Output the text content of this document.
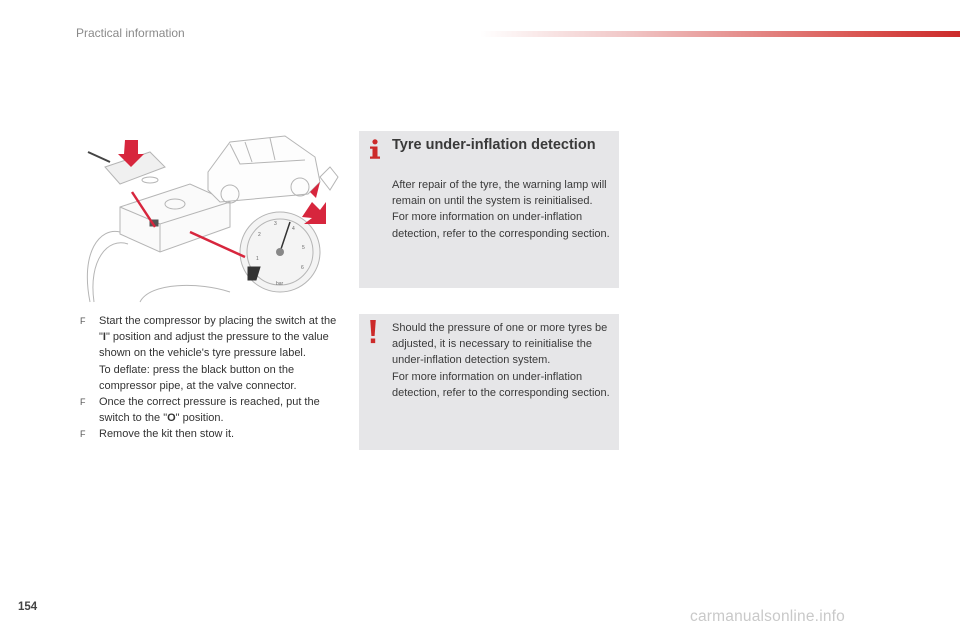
Practical information
1
2
3
4
5
6
bar
F Start the compressor by placing the switch at the "I" position and adjust the pressure to the value shown on the vehicle's tyre pressure label.
To deflate: press the black button on the compressor pipe, at the valve connector.
F Once the correct pressure is reached, put the switch to the "O" position.
F Remove the kit then stow it.
Tyre under-inflation detection
After repair of the tyre, the warning lamp will remain on until the system is reinitialised.
For more information on under-inflation detection, refer to the corresponding section.
Should the pressure of one or more tyres be adjusted, it is necessary to reinitialise the under-inflation detection system.
For more information on under-inflation detection, refer to the corresponding section.
154
carmanualsonline.info
